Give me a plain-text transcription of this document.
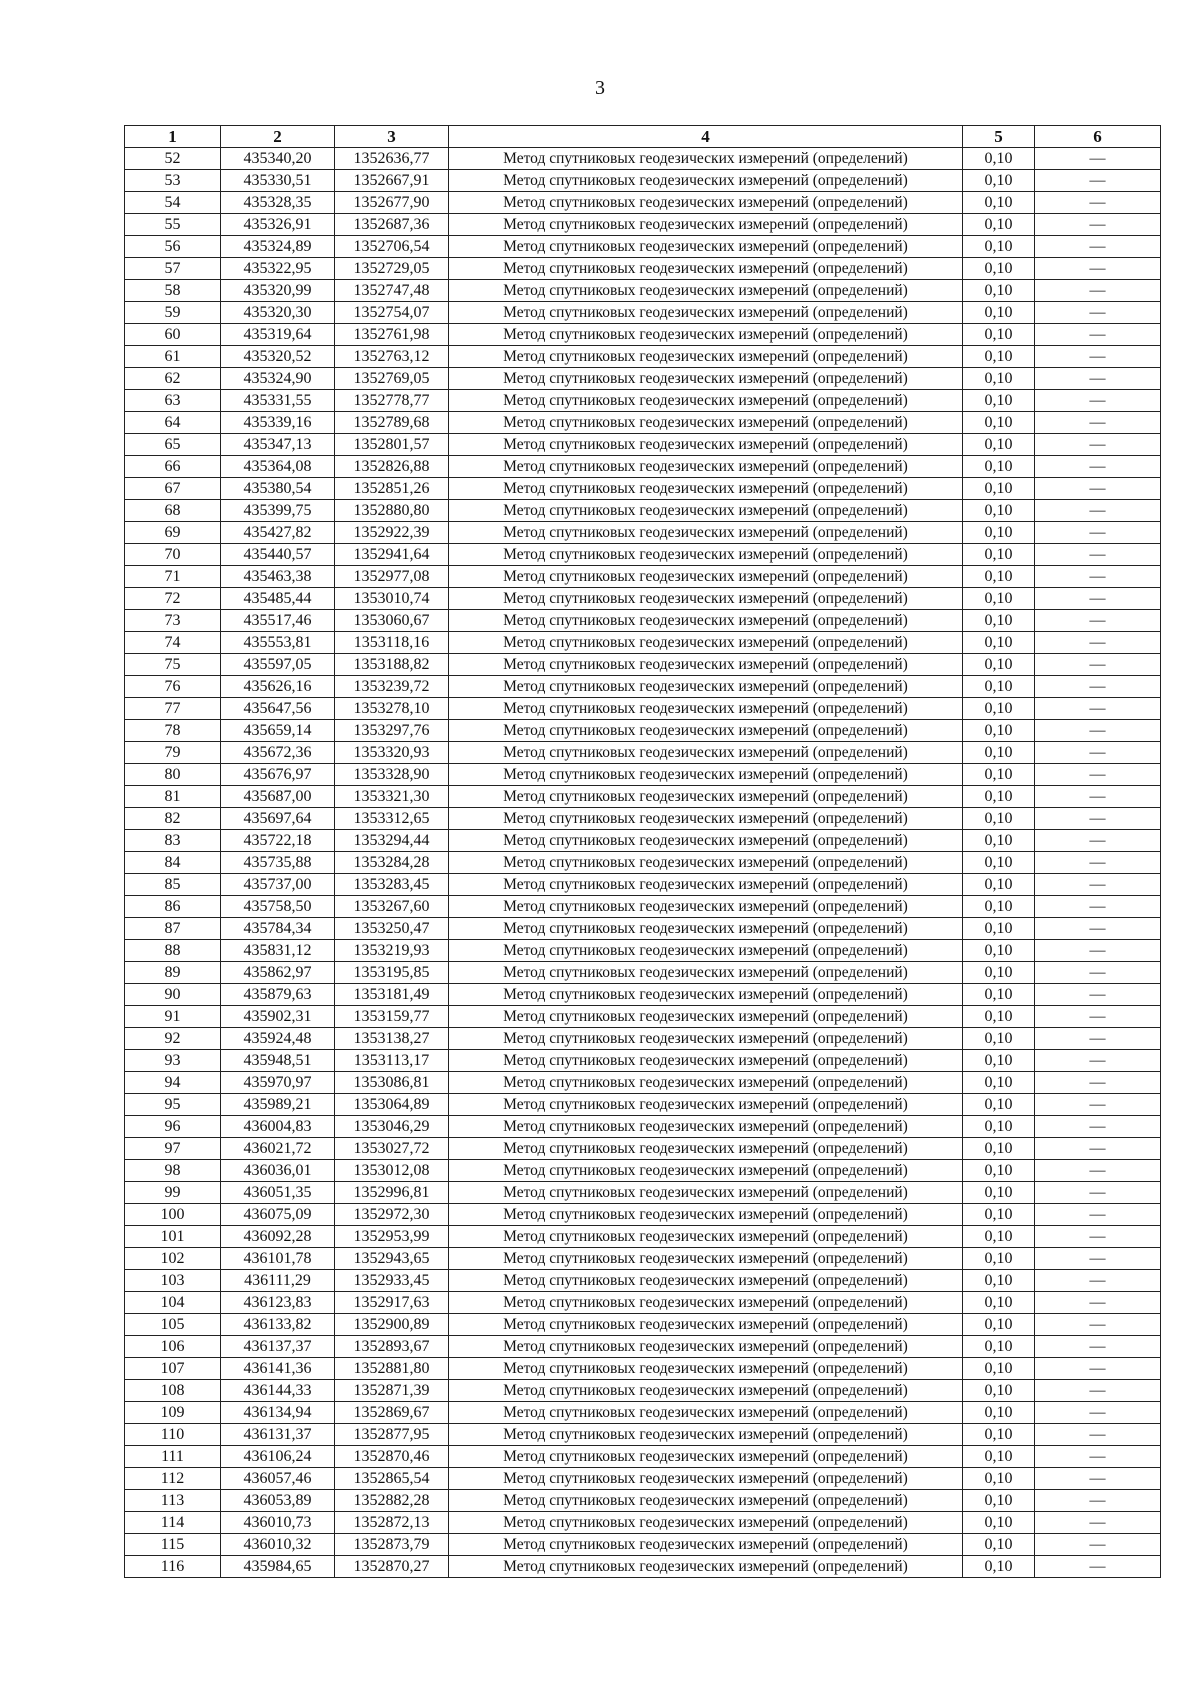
3
1	2	3	4	5	6
52	435340,20	1352636,77	Метод спутниковых геодезических измерений (определений)	0,10	—
53	435330,51	1352667,91	Метод спутниковых геодезических измерений (определений)	0,10	—
54	435328,35	1352677,90	Метод спутниковых геодезических измерений (определений)	0,10	—
55	435326,91	1352687,36	Метод спутниковых геодезических измерений (определений)	0,10	—
56	435324,89	1352706,54	Метод спутниковых геодезических измерений (определений)	0,10	—
57	435322,95	1352729,05	Метод спутниковых геодезических измерений (определений)	0,10	—
58	435320,99	1352747,48	Метод спутниковых геодезических измерений (определений)	0,10	—
59	435320,30	1352754,07	Метод спутниковых геодезических измерений (определений)	0,10	—
60	435319,64	1352761,98	Метод спутниковых геодезических измерений (определений)	0,10	—
61	435320,52	1352763,12	Метод спутниковых геодезических измерений (определений)	0,10	—
62	435324,90	1352769,05	Метод спутниковых геодезических измерений (определений)	0,10	—
63	435331,55	1352778,77	Метод спутниковых геодезических измерений (определений)	0,10	—
64	435339,16	1352789,68	Метод спутниковых геодезических измерений (определений)	0,10	—
65	435347,13	1352801,57	Метод спутниковых геодезических измерений (определений)	0,10	—
66	435364,08	1352826,88	Метод спутниковых геодезических измерений (определений)	0,10	—
67	435380,54	1352851,26	Метод спутниковых геодезических измерений (определений)	0,10	—
68	435399,75	1352880,80	Метод спутниковых геодезических измерений (определений)	0,10	—
69	435427,82	1352922,39	Метод спутниковых геодезических измерений (определений)	0,10	—
70	435440,57	1352941,64	Метод спутниковых геодезических измерений (определений)	0,10	—
71	435463,38	1352977,08	Метод спутниковых геодезических измерений (определений)	0,10	—
72	435485,44	1353010,74	Метод спутниковых геодезических измерений (определений)	0,10	—
73	435517,46	1353060,67	Метод спутниковых геодезических измерений (определений)	0,10	—
74	435553,81	1353118,16	Метод спутниковых геодезических измерений (определений)	0,10	—
75	435597,05	1353188,82	Метод спутниковых геодезических измерений (определений)	0,10	—
76	435626,16	1353239,72	Метод спутниковых геодезических измерений (определений)	0,10	—
77	435647,56	1353278,10	Метод спутниковых геодезических измерений (определений)	0,10	—
78	435659,14	1353297,76	Метод спутниковых геодезических измерений (определений)	0,10	—
79	435672,36	1353320,93	Метод спутниковых геодезических измерений (определений)	0,10	—
80	435676,97	1353328,90	Метод спутниковых геодезических измерений (определений)	0,10	—
81	435687,00	1353321,30	Метод спутниковых геодезических измерений (определений)	0,10	—
82	435697,64	1353312,65	Метод спутниковых геодезических измерений (определений)	0,10	—
83	435722,18	1353294,44	Метод спутниковых геодезических измерений (определений)	0,10	—
84	435735,88	1353284,28	Метод спутниковых геодезических измерений (определений)	0,10	—
85	435737,00	1353283,45	Метод спутниковых геодезических измерений (определений)	0,10	—
86	435758,50	1353267,60	Метод спутниковых геодезических измерений (определений)	0,10	—
87	435784,34	1353250,47	Метод спутниковых геодезических измерений (определений)	0,10	—
88	435831,12	1353219,93	Метод спутниковых геодезических измерений (определений)	0,10	—
89	435862,97	1353195,85	Метод спутниковых геодезических измерений (определений)	0,10	—
90	435879,63	1353181,49	Метод спутниковых геодезических измерений (определений)	0,10	—
91	435902,31	1353159,77	Метод спутниковых геодезических измерений (определений)	0,10	—
92	435924,48	1353138,27	Метод спутниковых геодезических измерений (определений)	0,10	—
93	435948,51	1353113,17	Метод спутниковых геодезических измерений (определений)	0,10	—
94	435970,97	1353086,81	Метод спутниковых геодезических измерений (определений)	0,10	—
95	435989,21	1353064,89	Метод спутниковых геодезических измерений (определений)	0,10	—
96	436004,83	1353046,29	Метод спутниковых геодезических измерений (определений)	0,10	—
97	436021,72	1353027,72	Метод спутниковых геодезических измерений (определений)	0,10	—
98	436036,01	1353012,08	Метод спутниковых геодезических измерений (определений)	0,10	—
99	436051,35	1352996,81	Метод спутниковых геодезических измерений (определений)	0,10	—
100	436075,09	1352972,30	Метод спутниковых геодезических измерений (определений)	0,10	—
101	436092,28	1352953,99	Метод спутниковых геодезических измерений (определений)	0,10	—
102	436101,78	1352943,65	Метод спутниковых геодезических измерений (определений)	0,10	—
103	436111,29	1352933,45	Метод спутниковых геодезических измерений (определений)	0,10	—
104	436123,83	1352917,63	Метод спутниковых геодезических измерений (определений)	0,10	—
105	436133,82	1352900,89	Метод спутниковых геодезических измерений (определений)	0,10	—
106	436137,37	1352893,67	Метод спутниковых геодезических измерений (определений)	0,10	—
107	436141,36	1352881,80	Метод спутниковых геодезических измерений (определений)	0,10	—
108	436144,33	1352871,39	Метод спутниковых геодезических измерений (определений)	0,10	—
109	436134,94	1352869,67	Метод спутниковых геодезических измерений (определений)	0,10	—
110	436131,37	1352877,95	Метод спутниковых геодезических измерений (определений)	0,10	—
111	436106,24	1352870,46	Метод спутниковых геодезических измерений (определений)	0,10	—
112	436057,46	1352865,54	Метод спутниковых геодезических измерений (определений)	0,10	—
113	436053,89	1352882,28	Метод спутниковых геодезических измерений (определений)	0,10	—
114	436010,73	1352872,13	Метод спутниковых геодезических измерений (определений)	0,10	—
115	436010,32	1352873,79	Метод спутниковых геодезических измерений (определений)	0,10	—
116	435984,65	1352870,27	Метод спутниковых геодезических измерений (определений)	0,10	—
